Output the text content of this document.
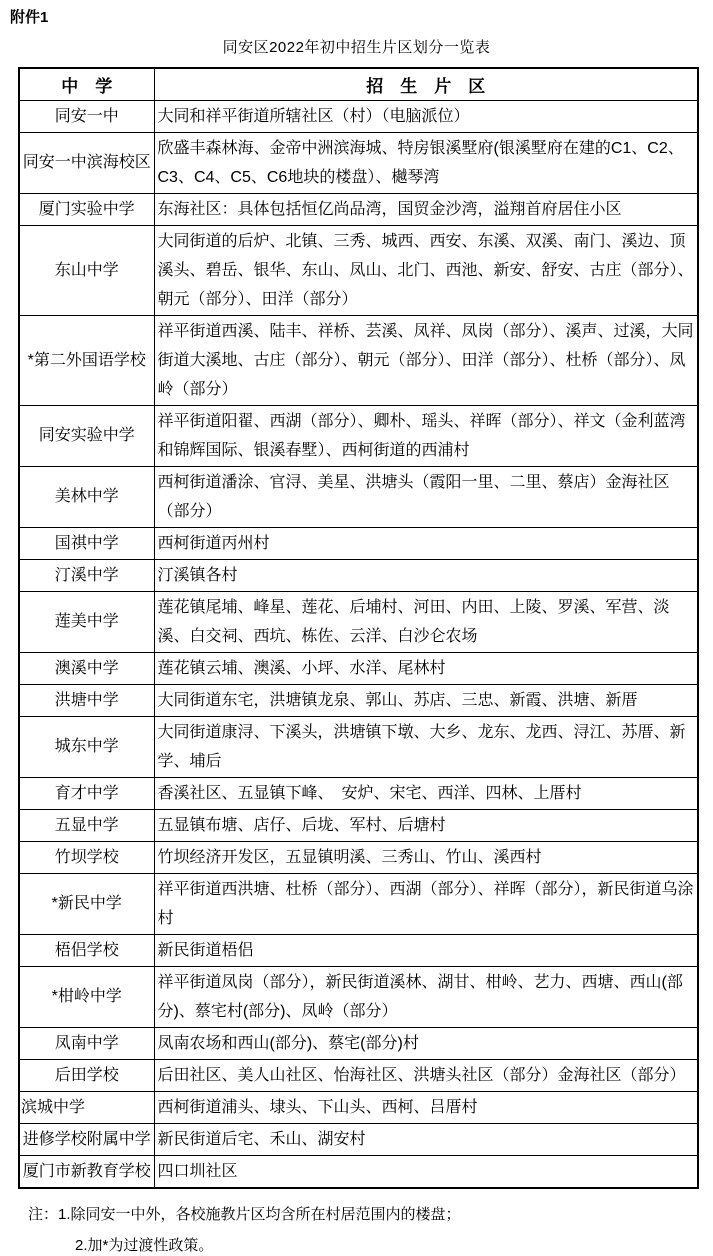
附件1
同安区2022年初中招生片区划分一览表
中　学	招　生　片　区
同安一中	大同和祥平街道所辖社区（村）（电脑派位）
同安一中滨海校区	欣盛丰森林海、金帝中洲滨海城、特房银溪墅府(银溪墅府在建的C1、C2、C3、C4、C5、C6地块的楼盘）、樾琴湾
厦门实验中学	东海社区：具体包括恒亿尚品湾，国贸金沙湾，溢翔首府居住小区
东山中学	大同街道的后炉、北镇、三秀、城西、西安、东溪、双溪、南门、溪边、顶溪头、碧岳、银华、东山、凤山、北门、西池、新安、舒安、古庄（部分）、朝元（部分）、田洋（部分）
*第二外国语学校	祥平街道西溪、陆丰、祥桥、芸溪、凤祥、凤岗（部分）、溪声、过溪，大同街道大溪地、古庄（部分）、朝元（部分）、田洋（部分）、杜桥（部分）、凤岭（部分）
同安实验中学	祥平街道阳翟、西湖（部分）、卿朴、瑶头、祥晖（部分）、祥文（金利蓝湾和锦辉国际、银溪春墅）、西柯街道的西浦村
美林中学	西柯街道潘涂、官浔、美星、洪塘头（霞阳一里、二里、蔡店）金海社区（部分）
国祺中学	西柯街道丙州村
汀溪中学	汀溪镇各村
莲美中学	莲花镇尾埔、峰星、莲花、后埔村、河田、内田、上陵、罗溪、军营、淡溪、白交祠、西坑、栋佐、云洋、白沙仑农场
澳溪中学	莲花镇云埔、澳溪、小坪、水洋、尾林村
洪塘中学	大同街道东宅，洪塘镇龙泉、郭山、苏店、三忠、新霞、洪塘、新厝
城东中学	大同街道康浔、下溪头，洪塘镇下墩、大乡、龙东、龙西、浔江、苏厝、新学、埔后
育才中学	香溪社区、五显镇下峰、　安炉、宋宅、西洋、四林、上厝村
五显中学	五显镇布塘、店仔、后垅、军村、后塘村
竹坝学校	竹坝经济开发区，五显镇明溪、三秀山、竹山、溪西村
*新民中学	祥平街道西洪塘、杜桥（部分）、西湖（部分）、祥晖（部分），新民街道乌涂村
梧侣学校	新民街道梧侣
*柑岭中学	祥平街道凤岗（部分），新民街道溪林、湖甘、柑岭、艺力、西塘、西山(部分)、蔡宅村(部分)、凤岭（部分）
凤南中学	凤南农场和西山(部分)、蔡宅(部分)村
后田学校	后田社区、美人山社区、怡海社区、洪塘头社区（部分）金海社区（部分）
滨城中学	西柯街道浦头、埭头、下山头、西柯、吕厝村
进修学校附属中学	新民街道后宅、禾山、湖安村
厦门市新教育学校	四口圳社区
注：1.除同安一中外，各校施教片区均含所在村居范围内的楼盘；
2.加*为过渡性政策。
